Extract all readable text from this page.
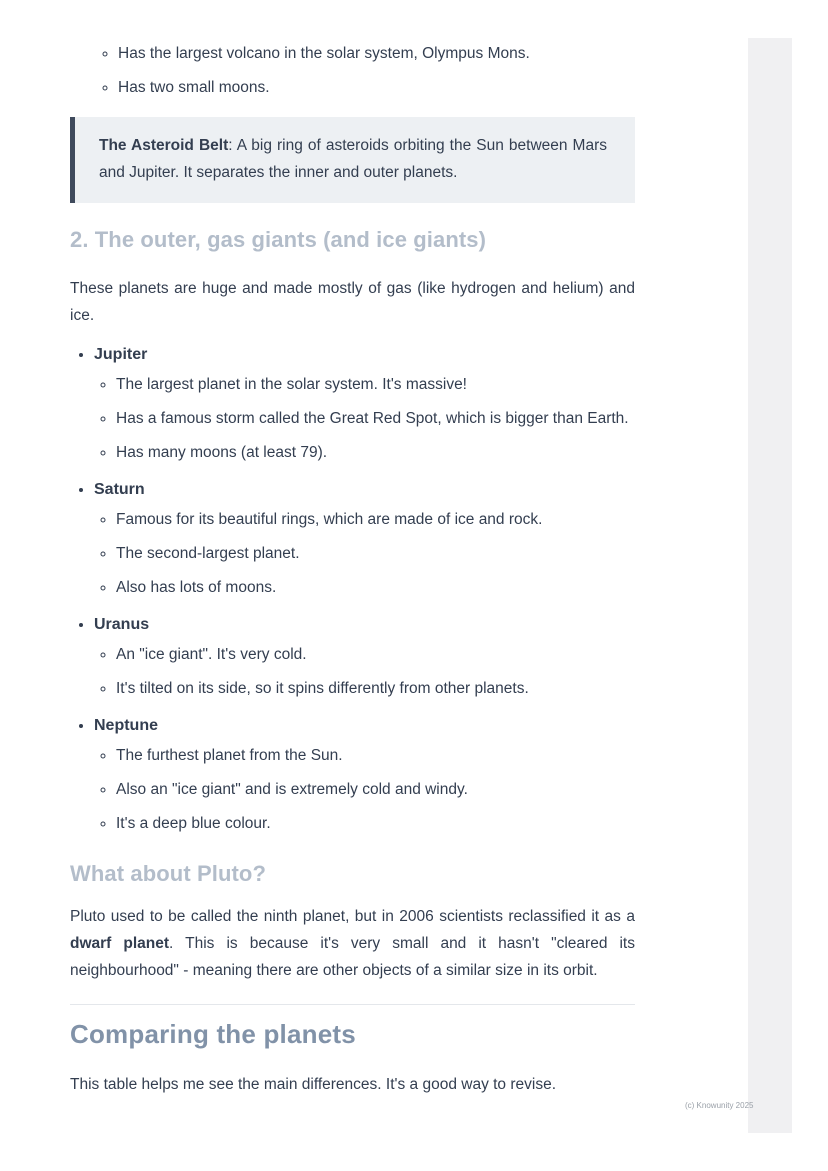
◦ Has the largest volcano in the solar system, Olympus Mons.
◦ Has two small moons.

The Asteroid Belt: A big ring of asteroids orbiting the Sun between Mars and Jupiter. It separates the inner and outer planets.

2. The outer, gas giants (and ice giants)

These planets are huge and made mostly of gas (like hydrogen and helium) and ice.

• Jupiter
◦ The largest planet in the solar system. It's massive!
◦ Has a famous storm called the Great Red Spot, which is bigger than Earth.
◦ Has many moons (at least 79).
• Saturn
◦ Famous for its beautiful rings, which are made of ice and rock.
◦ The second-largest planet.
◦ Also has lots of moons.
• Uranus
◦ An "ice giant". It's very cold.
◦ It's tilted on its side, so it spins differently from other planets.
• Neptune
◦ The furthest planet from the Sun.
◦ Also an "ice giant" and is extremely cold and windy.
◦ It's a deep blue colour.
What about Pluto?

Pluto used to be called the ninth planet, but in 2006 scientists reclassified it as a dwarf planet. This is because it's very small and it hasn't "cleared its neighbourhood" - meaning there are other objects of a similar size in its orbit.

Comparing the planets

This table helps me see the main differences. It's a good way to revise.

(c) Knowunity 2025
